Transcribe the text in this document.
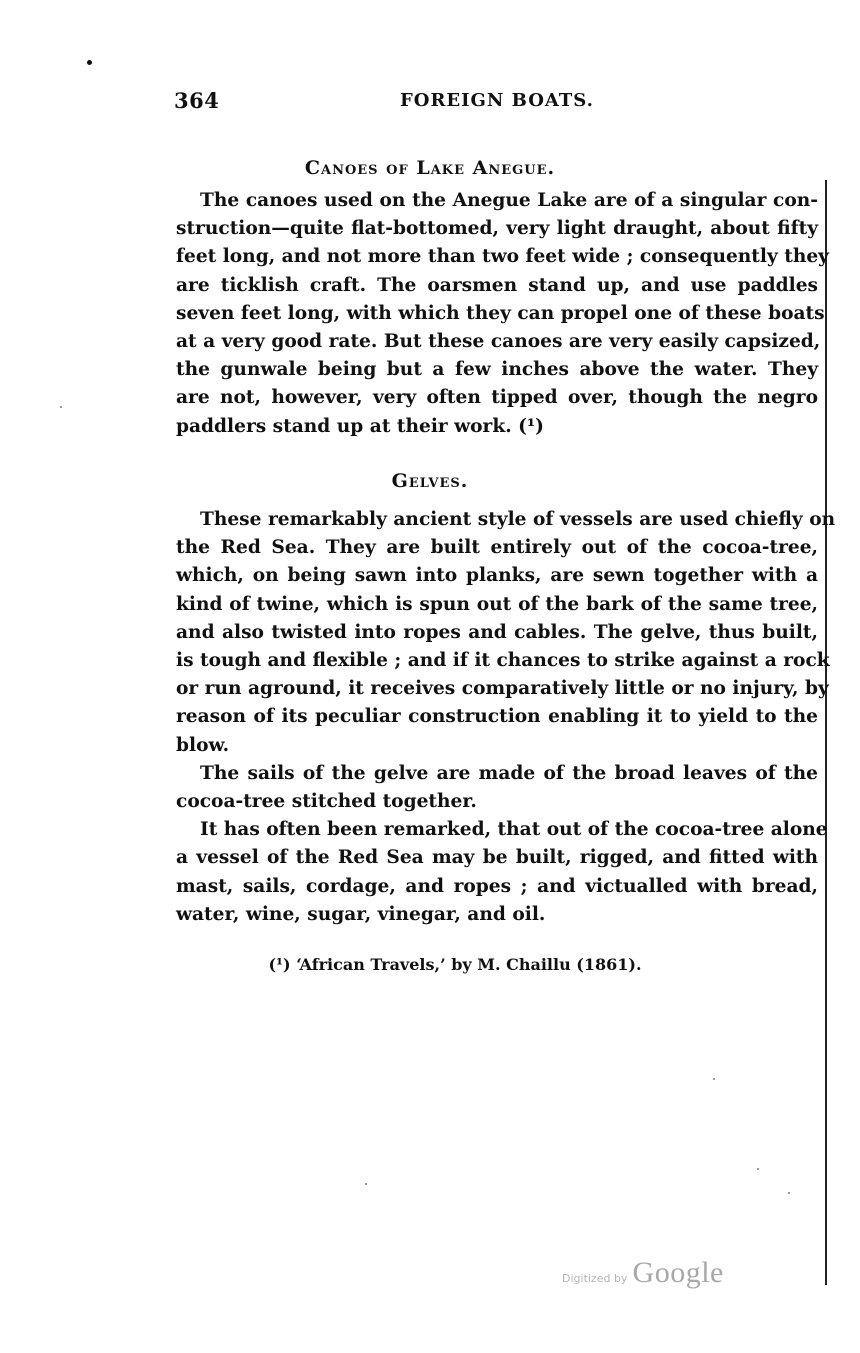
364	FOREIGN BOATS.
Canoes of Lake Anegue.

The canoes used on the Anegue Lake are of a singular con-
struction—quite flat-bottomed, very light draught, about fifty
feet long, and not more than two feet wide ; consequently they
are ticklish craft. The oarsmen stand up, and use paddles
seven feet long, with which they can propel one of these boats
at a very good rate. But these canoes are very easily capsized,
the gunwale being but a few inches above the water. They
are not, however, very often tipped over, though the negro
paddlers stand up at their work. (¹)

Gelves.

These remarkably ancient style of vessels are used chiefly on
the Red Sea. They are built entirely out of the cocoa-tree,
which, on being sawn into planks, are sewn together with a
kind of twine, which is spun out of the bark of the same tree,
and also twisted into ropes and cables. The gelve, thus built,
is tough and flexible ; and if it chances to strike against a rock
or run aground, it receives comparatively little or no injury, by
reason of its peculiar construction enabling it to yield to the
blow.

The sails of the gelve are made of the broad leaves of the
cocoa-tree stitched together.

It has often been remarked, that out of the cocoa-tree alone
a vessel of the Red Sea may be built, rigged, and fitted with
mast, sails, cordage, and ropes ; and victualled with bread,
water, wine, sugar, vinegar, and oil.

(¹) ‘African Travels,’ by M. Chaillu (1861).
Digitized by Google
